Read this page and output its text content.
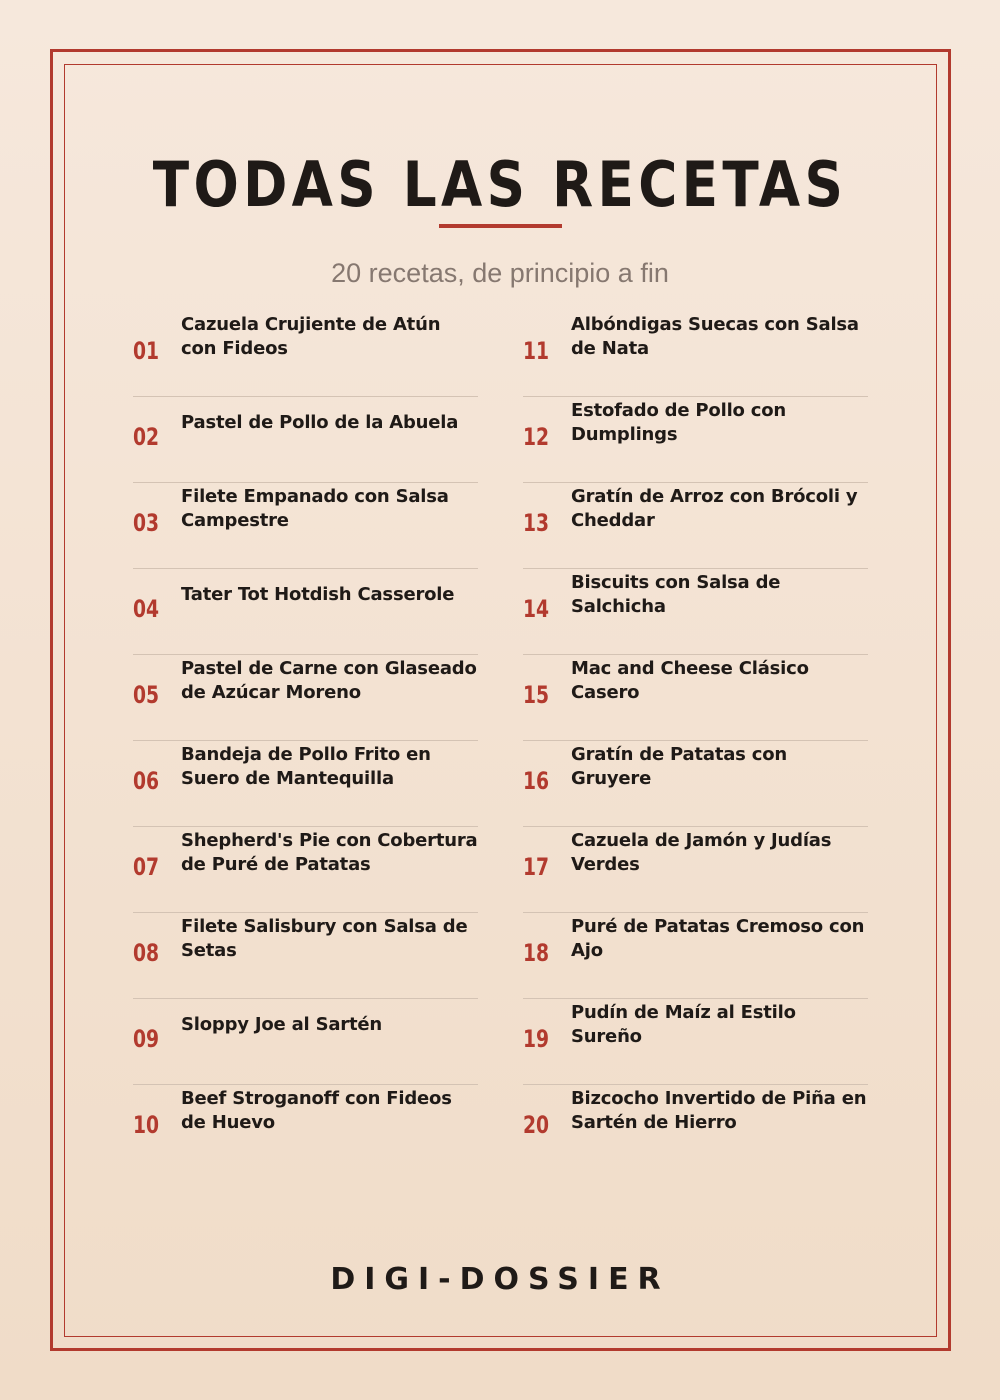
TODAS LAS RECETAS
20 recetas, de principio a fin
01
Cazuela Crujiente de Atún con Fideos
02
Pastel de Pollo de la Abuela
03
Filete Empanado con Salsa Campestre
04
Tater Tot Hotdish Casserole
05
Pastel de Carne con Glaseado de Azúcar Moreno
06
Bandeja de Pollo Frito en Suero de Mantequilla
07
Shepherd's Pie con Cobertura de Puré de Patatas
08
Filete Salisbury con Salsa de Setas
09
Sloppy Joe al Sartén
10
Beef Stroganoff con Fideos de Huevo
11
Albóndigas Suecas con Salsa de Nata
12
Estofado de Pollo con Dumplings
13
Gratín de Arroz con Brócoli y Cheddar
14
Biscuits con Salsa de Salchicha
15
Mac and Cheese Clásico Casero
16
Gratín de Patatas con Gruyere
17
Cazuela de Jamón y Judías Verdes
18
Puré de Patatas Cremoso con Ajo
19
Pudín de Maíz al Estilo Sureño
20
Bizcocho Invertido de Piña en Sartén de Hierro
DIGI-DOSSIER
